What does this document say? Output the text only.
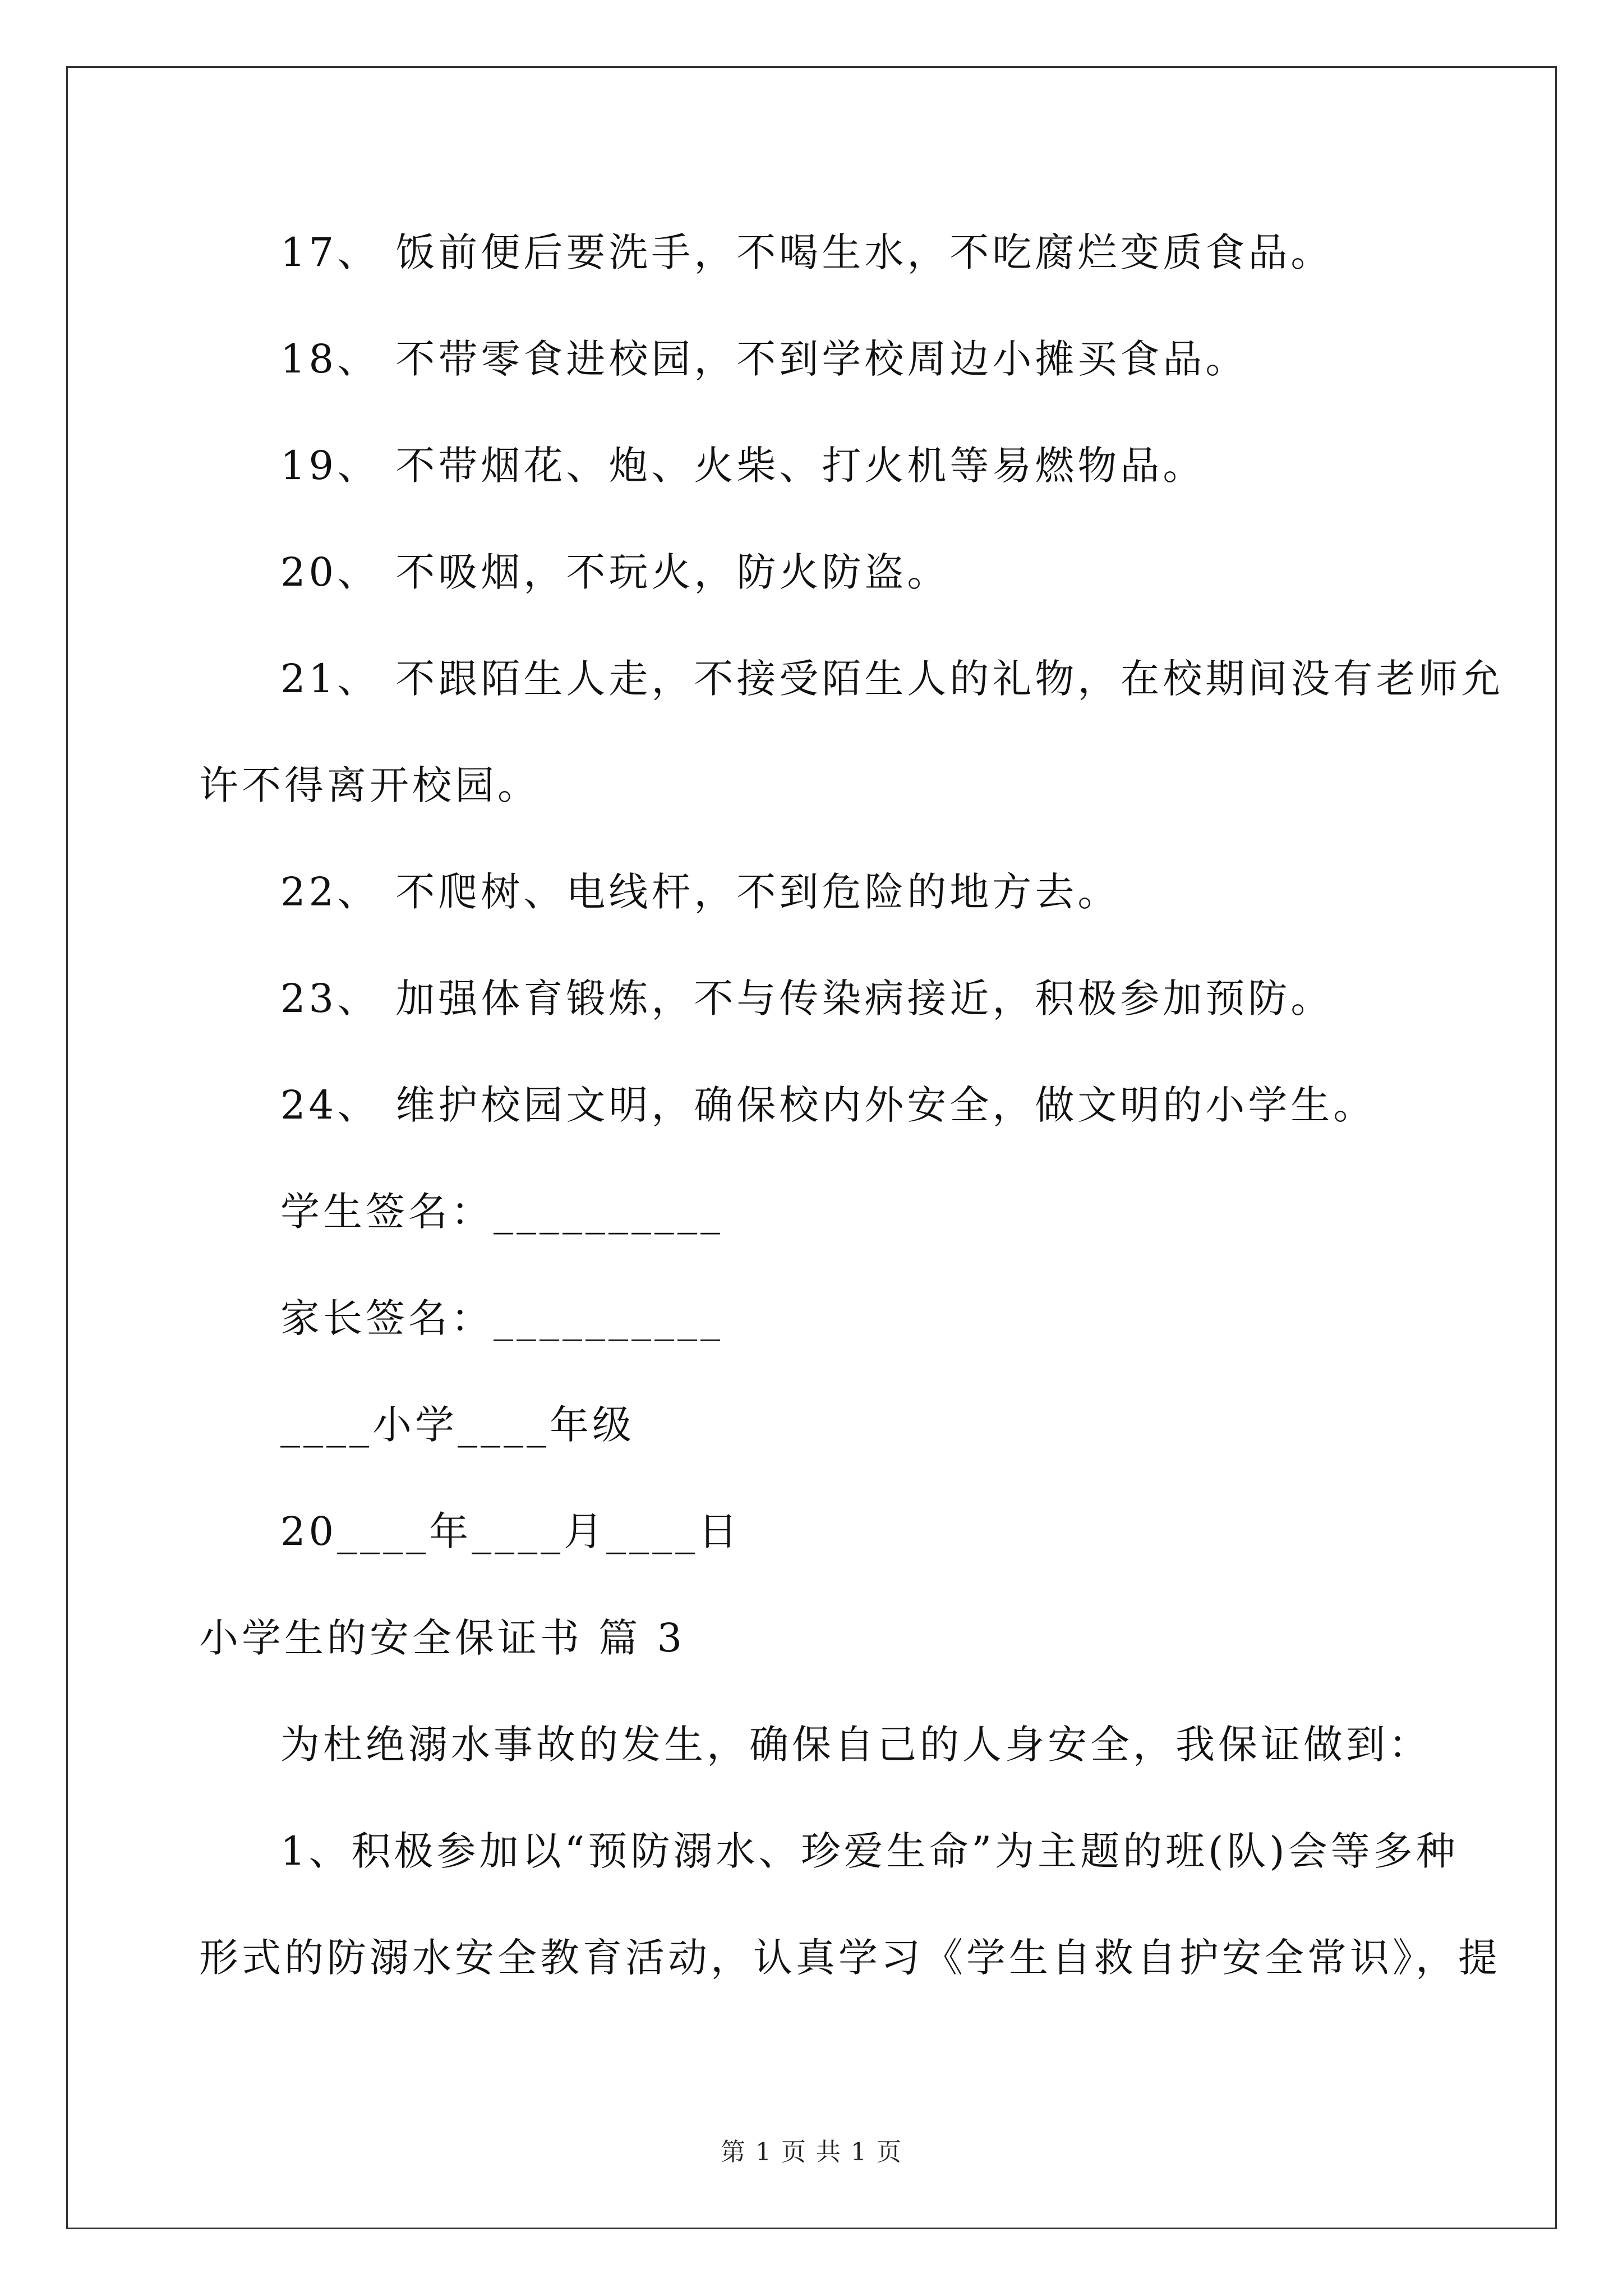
17、 饭前便后要洗手，不喝生水，不吃腐烂变质食品。
18、 不带零食进校园，不到学校周边小摊买食品。
19、 不带烟花、炮、火柴、打火机等易燃物品。
20、 不吸烟，不玩火，防火防盗。
21、 不跟陌生人走，不接受陌生人的礼物，在校期间没有老师允
许不得离开校园。
22、 不爬树、电线杆，不到危险的地方去。
23、 加强体育锻炼，不与传染病接近，积极参加预防。
24、 维护校园文明，确保校内外安全，做文明的小学生。
学生签名：__________
家长签名：__________
____小学____年级
20____年____月____日
小学生的安全保证书 篇 3
为杜绝溺水事故的发生，确保自己的人身安全，我保证做到：
1、积极参加以“预防溺水、珍爱生命”为主题的班(队)会等多种
形式的防溺水安全教育活动，认真学习《学生自救自护安全常识》，提
第 1 页 共 1 页
